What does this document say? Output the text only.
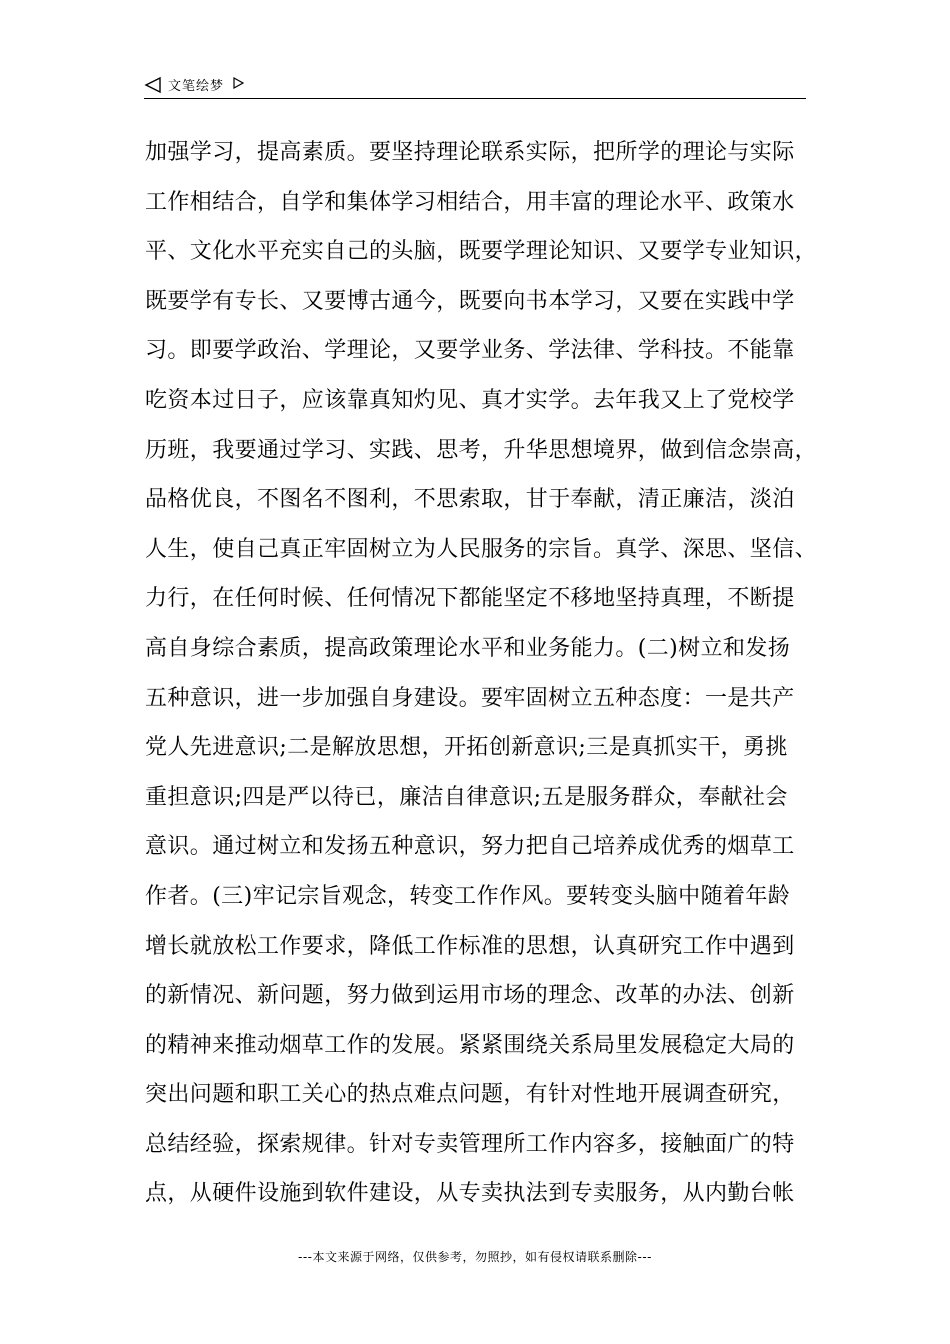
文笔绘梦
加强学习，提高素质。要坚持理论联系实际，把所学的理论与实际
工作相结合，自学和集体学习相结合，用丰富的理论水平、政策水
平、文化水平充实自己的头脑，既要学理论知识、又要学专业知识，
既要学有专长、又要博古通今，既要向书本学习，又要在实践中学
习。即要学政治、学理论，又要学业务、学法律、学科技。不能靠
吃资本过日子，应该靠真知灼见、真才实学。去年我又上了党校学
历班，我要通过学习、实践、思考，升华思想境界，做到信念崇高，
品格优良，不图名不图利，不思索取，甘于奉献，清正廉洁，淡泊
人生，使自己真正牢固树立为人民服务的宗旨。真学、深思、坚信、
力行，在任何时候、任何情况下都能坚定不移地坚持真理，不断提
高自身综合素质，提高政策理论水平和业务能力。(二)树立和发扬
五种意识，进一步加强自身建设。要牢固树立五种态度：一是共产
党人先进意识;二是解放思想，开拓创新意识;三是真抓实干，勇挑
重担意识;四是严以待已，廉洁自律意识;五是服务群众，奉献社会
意识。通过树立和发扬五种意识，努力把自己培养成优秀的烟草工
作者。(三)牢记宗旨观念，转变工作作风。要转变头脑中随着年龄
增长就放松工作要求，降低工作标准的思想，认真研究工作中遇到
的新情况、新问题，努力做到运用市场的理念、改革的办法、创新
的精神来推动烟草工作的发展。紧紧围绕关系局里发展稳定大局的
突出问题和职工关心的热点难点问题，有针对性地开展调查研究，
总结经验，探索规律。针对专卖管理所工作内容多，接触面广的特
点，从硬件设施到软件建设，从专卖执法到专卖服务，从内勤台帐
---本文来源于网络，仅供参考，勿照抄，如有侵权请联系删除---
